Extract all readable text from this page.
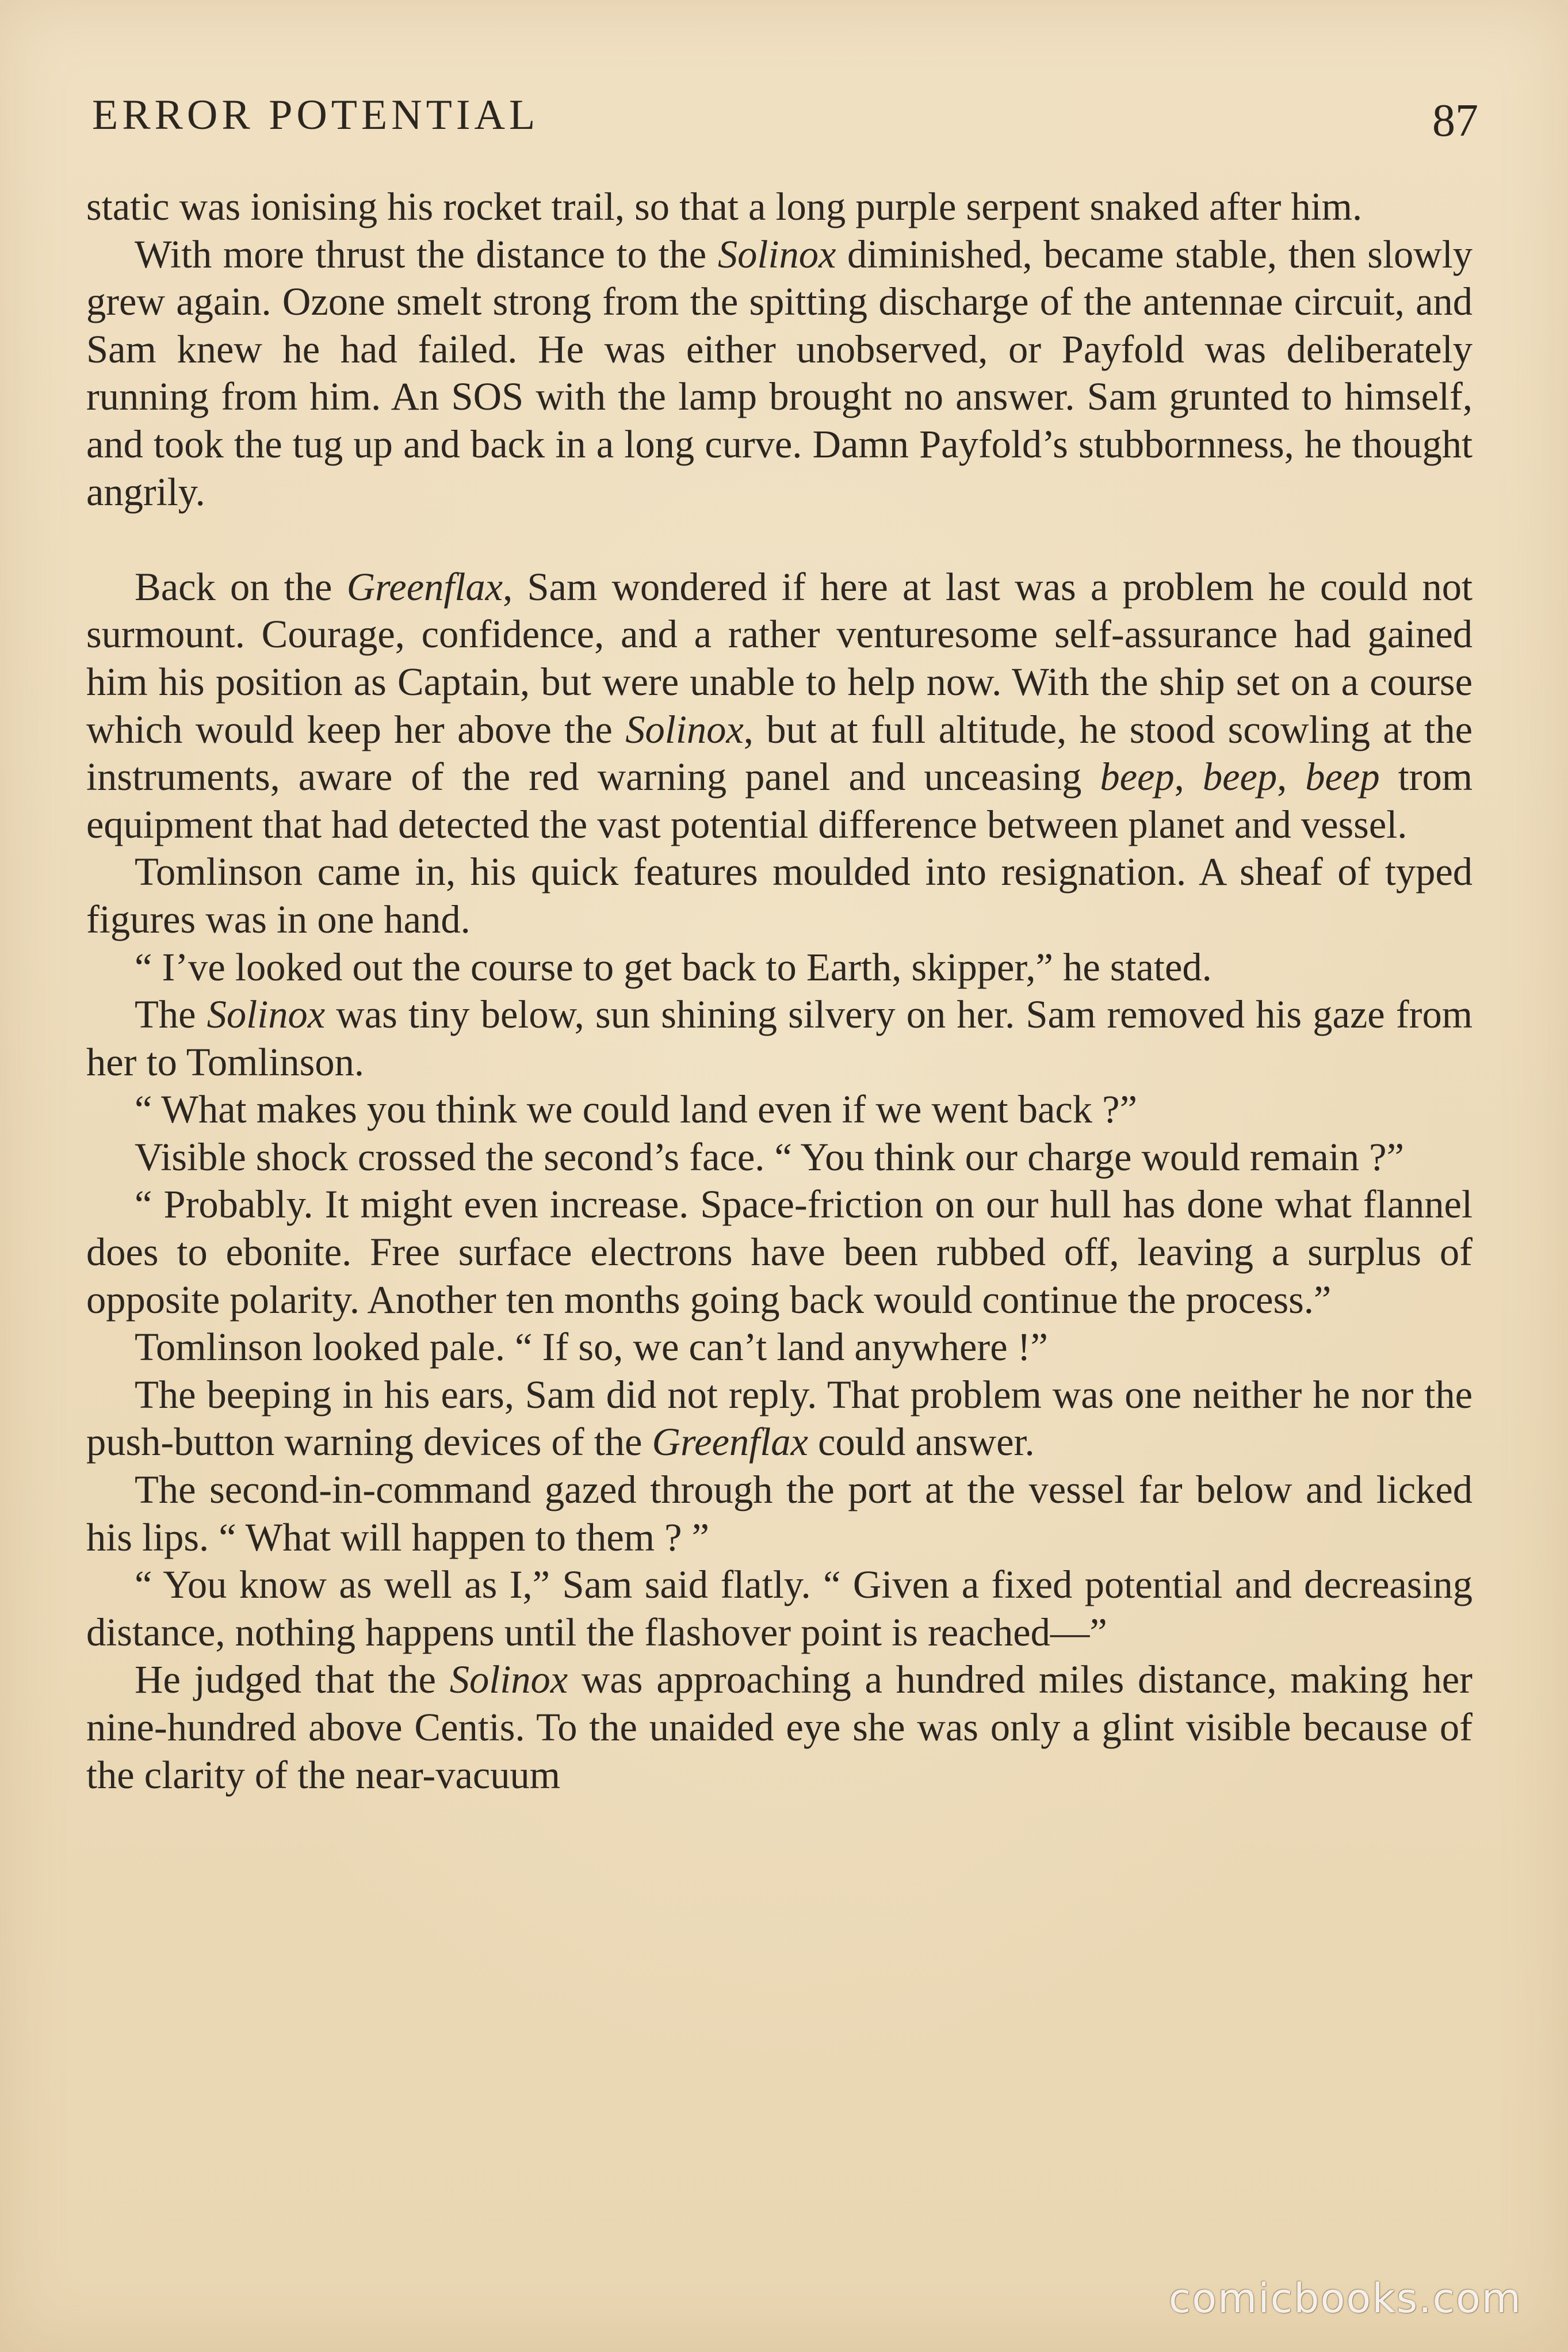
ERROR POTENTIAL	87

static was ionising his rocket trail, so that a long purple serpent snaked after him.

With more thrust the distance to the Solinox diminished, became stable, then slowly grew again. Ozone smelt strong from the spitting discharge of the antennae circuit, and Sam knew he had failed. He was either unobserved, or Payfold was deliberately running from him. An SOS with the lamp brought no answer. Sam grunted to himself, and took the tug up and back in a long curve. Damn Payfold’s stubbornness, he thought angrily.

Back on the Greenflax, Sam wondered if here at last was a problem he could not surmount. Courage, confidence, and a rather venturesome self-assurance had gained him his position as Captain, but were unable to help now. With the ship set on a course which would keep her above the Solinox, but at full altitude, he stood scowling at the instruments, aware of the red warning panel and unceasing beep, beep, beep trom equipment that had detected the vast potential difference between planet and vessel.

Tomlinson came in, his quick features moulded into resignation. A sheaf of typed figures was in one hand.

“ I’ve looked out the course to get back to Earth, skipper,” he stated.

The Solinox was tiny below, sun shining silvery on her. Sam removed his gaze from her to Tomlinson.

“ What makes you think we could land even if we went back ?”

Visible shock crossed the second’s face. “ You think our charge would remain ?”

“ Probably. It might even increase. Space-friction on our hull has done what flannel does to ebonite. Free surface electrons have been rubbed off, leaving a surplus of opposite polarity. Another ten months going back would continue the process.”

Tomlinson looked pale. “ If so, we can’t land anywhere !”

The beeping in his ears, Sam did not reply. That problem was one neither he nor the push-button warning devices of the Greenflax could answer.

The second-in-command gazed through the port at the vessel far below and licked his lips. “ What will happen to them ? ”

“ You know as well as I,” Sam said flatly. “ Given a fixed potential and decreasing distance, nothing happens until the flashover point is reached—”

He judged that the Solinox was approaching a hundred miles distance, making her nine-hundred above Centis. To the unaided eye she was only a glint visible because of the clarity of the near-vacuum

comicbooks.com
